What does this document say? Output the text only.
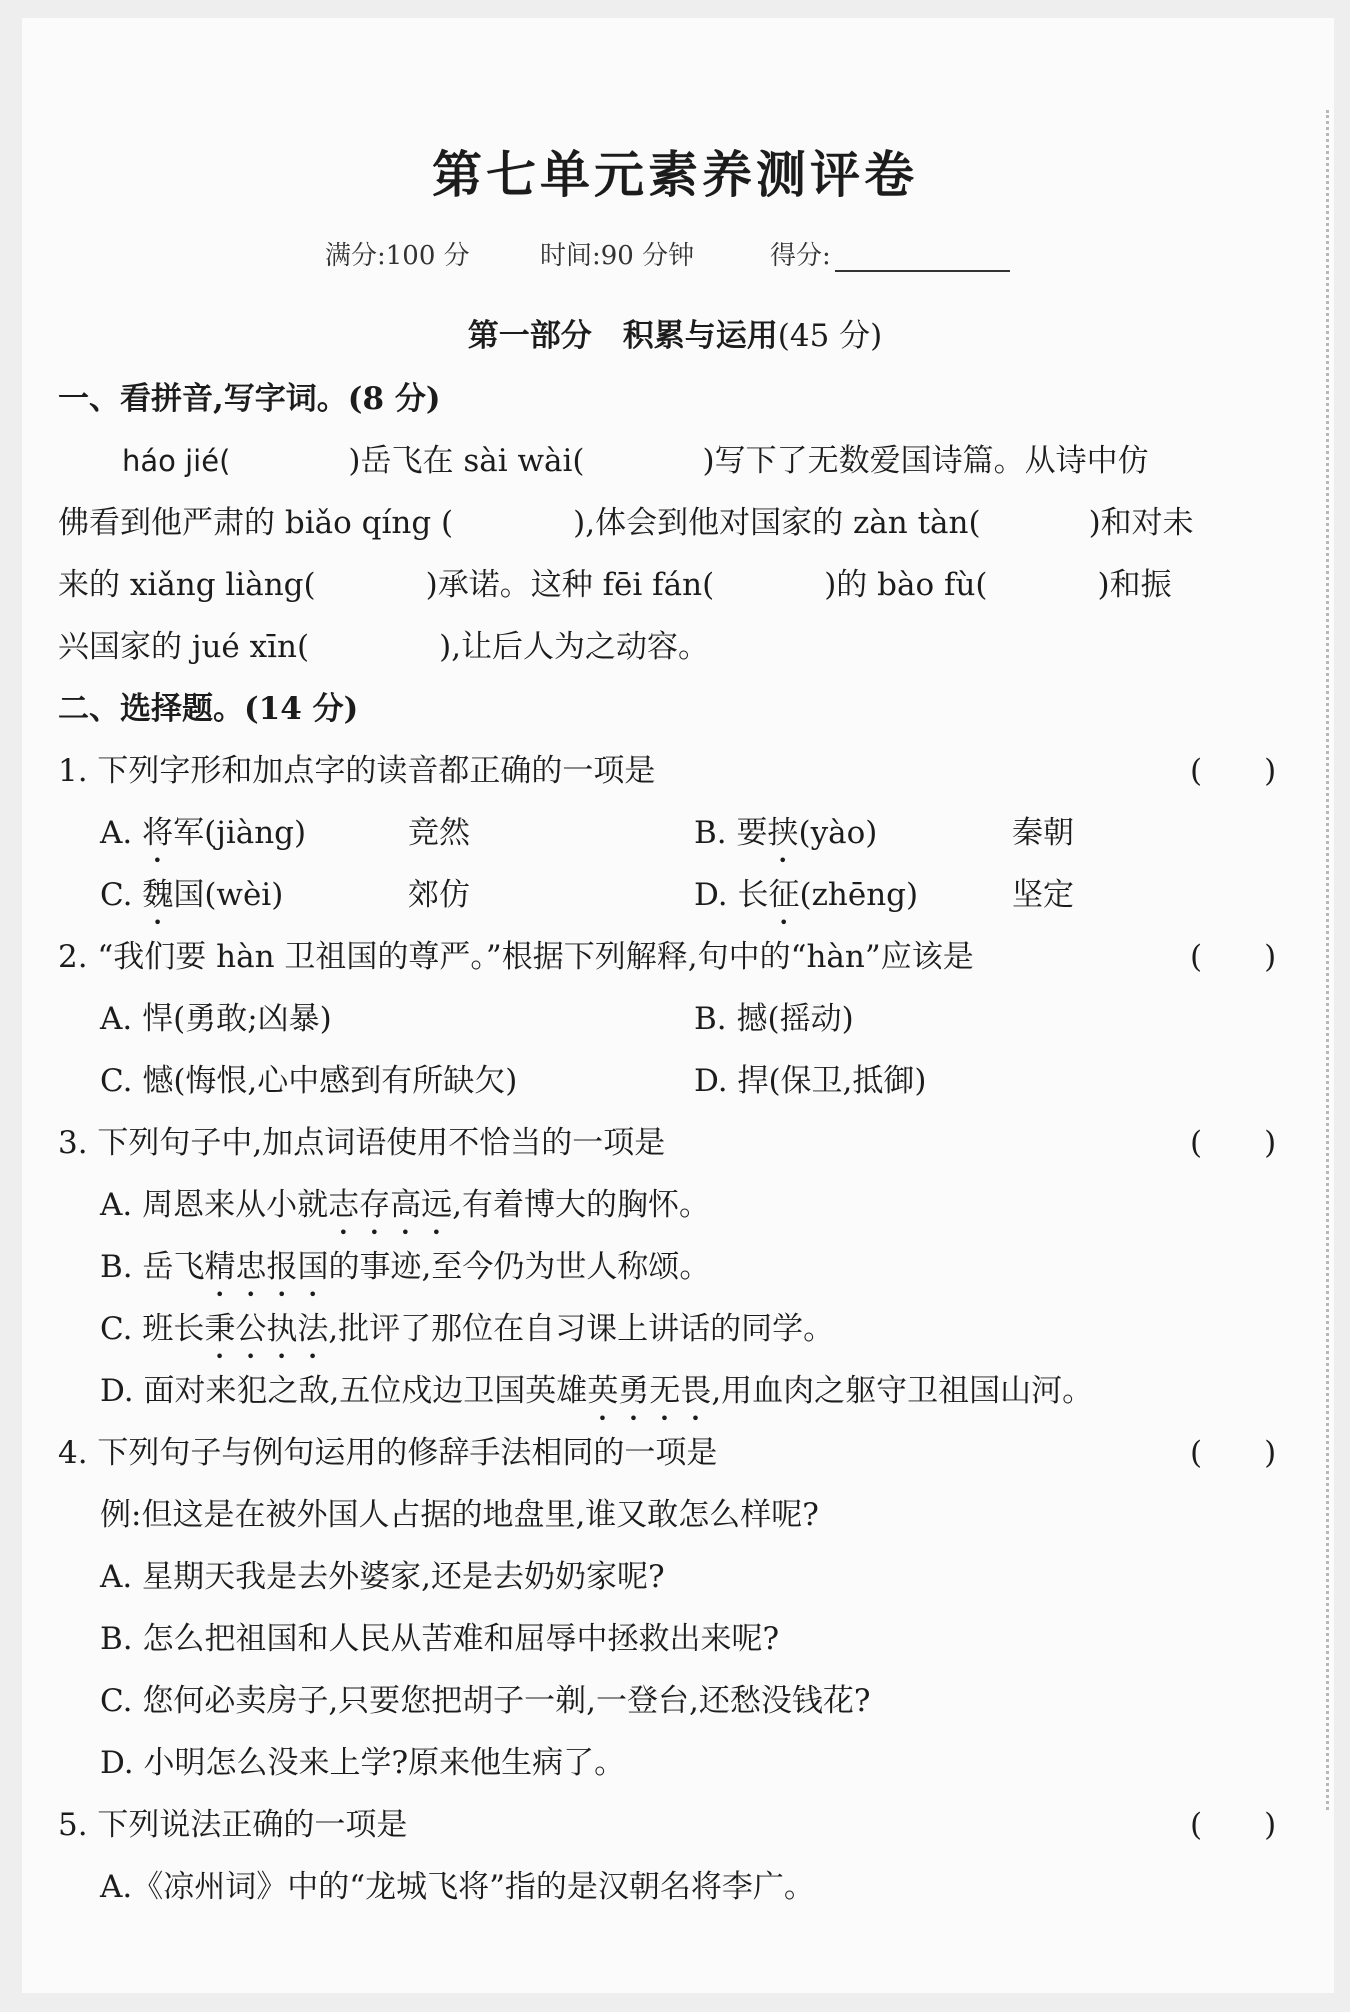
第七单元素养测评卷
满分:100 分	时间:90 分钟	得分:
第一部分　积累与运用(45 分)
一、看拼音,写字词。(8 分)
háo jié(	)岳飞在 sài wài(	)写下了无数爱国诗篇。从诗中仿
佛看到他严肃的 biǎo qíng (	),体会到他对国家的 zàn tàn(	)和对未
来的 xiǎng liàng(	)承诺。这种 fēi fán(	)的 bào fù(	)和振
兴国家的 jué xīn(	),让后人为之动容。
二、选择题。(14 分)
1. 下列字形和加点字的读音都正确的一项是	(　　)
A. 将军(jiàng)	竞然	B. 要挟(yào)	秦朝
C. 魏国(wèi)	郊仿	D. 长征(zhēng)	坚定
2. “我们要 hàn 卫祖国的尊严。”根据下列解释,句中的“hàn”应该是	(　　)
A. 悍(勇敢;凶暴)	B. 撼(摇动)
C. 憾(悔恨,心中感到有所缺欠)	D. 捍(保卫,抵御)
3. 下列句子中,加点词语使用不恰当的一项是	(　　)
A. 周恩来从小就志存高远,有着博大的胸怀。
B. 岳飞精忠报国的事迹,至今仍为世人称颂。
C. 班长秉公执法,批评了那位在自习课上讲话的同学。
D. 面对来犯之敌,五位戍边卫国英雄英勇无畏,用血肉之躯守卫祖国山河。
4. 下列句子与例句运用的修辞手法相同的一项是	(　　)
例:但这是在被外国人占据的地盘里,谁又敢怎么样呢?
A. 星期天我是去外婆家,还是去奶奶家呢?
B. 怎么把祖国和人民从苦难和屈辱中拯救出来呢?
C. 您何必卖房子,只要您把胡子一剃,一登台,还愁没钱花?
D. 小明怎么没来上学?原来他生病了。
5. 下列说法正确的一项是	(　　)
A.《凉州词》中的“龙城飞将”指的是汉朝名将李广。
